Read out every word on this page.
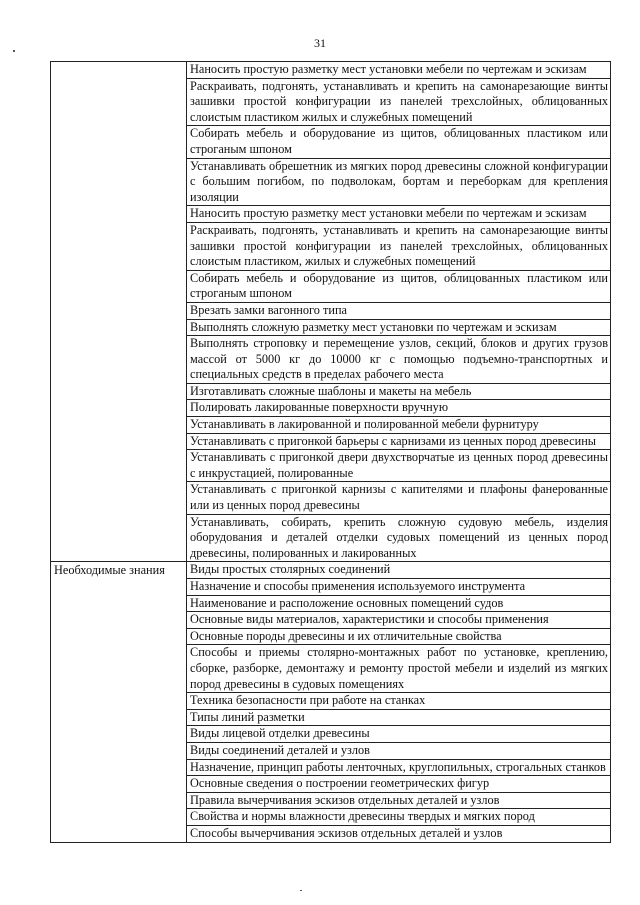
31

	Наносить простую разметку мест установки мебели по чертежам и эскизам

	Раскраивать, подгонять, устанавливать и крепить на самонарезающие винты зашивки простой конфигурации из панелей трехслойных, облицованных слоистым пластиком жилых и служебных помещений

	Собирать мебель и оборудование из щитов, облицованных пластиком или строганым шпоном

	Устанавливать обрешетник из мягких пород древесины сложной конфигурации с большим погибом, по подволокам, бортам и переборкам для крепления изоляции

	Наносить простую разметку мест установки мебели по чертежам и эскизам

	Раскраивать, подгонять, устанавливать и крепить на самонарезающие винты зашивки простой конфигурации из панелей трехслойных, облицованных слоистым пластиком, жилых и служебных помещений

	Собирать мебель и оборудование из щитов, облицованных пластиком или строганым шпоном

	Врезать замки вагонного типа

	Выполнять сложную разметку мест установки по чертежам и эскизам

	Выполнять строповку и перемещение узлов, секций, блоков и других грузов массой от 5000 кг до 10000 кг с помощью подъемно-транспортных и специальных средств в пределах рабочего места

	Изготавливать сложные шаблоны и макеты на мебель

	Полировать лакированные поверхности вручную

	Устанавливать в лакированной и полированной мебели фурнитуру

	Устанавливать с пригонкой барьеры с карнизами из ценных пород древесины

	Устанавливать с пригонкой двери двухстворчатые из ценных пород древесины с инкрустацией, полированные

	Устанавливать с пригонкой карнизы с капителями и плафоны фанерованные или из ценных пород древесины

	Устанавливать, собирать, крепить сложную судовую мебель, изделия оборудования и деталей отделки судовых помещений из ценных пород древесины, полированных и лакированных

Необходимые знания	Виды простых столярных соединений

	Назначение и способы применения используемого инструмента

	Наименование и расположение основных помещений судов

	Основные виды материалов, характеристики и способы применения

	Основные породы древесины и их отличительные свойства

	Способы и приемы столярно-монтажных работ по установке, креплению, сборке, разборке, демонтажу и ремонту простой мебели и изделий из мягких пород древесины в судовых помещениях

	Техника безопасности при работе на станках

	Типы линий разметки

	Виды лицевой отделки древесины

	Виды соединений деталей и узлов

	Назначение, принцип работы ленточных, круглопильных, строгальных станков

	Основные сведения о построении геометрических фигур

	Правила вычерчивания эскизов отдельных деталей и узлов

	Свойства и нормы влажности древесины твердых и мягких пород

	Способы вычерчивания эскизов отдельных деталей и узлов
